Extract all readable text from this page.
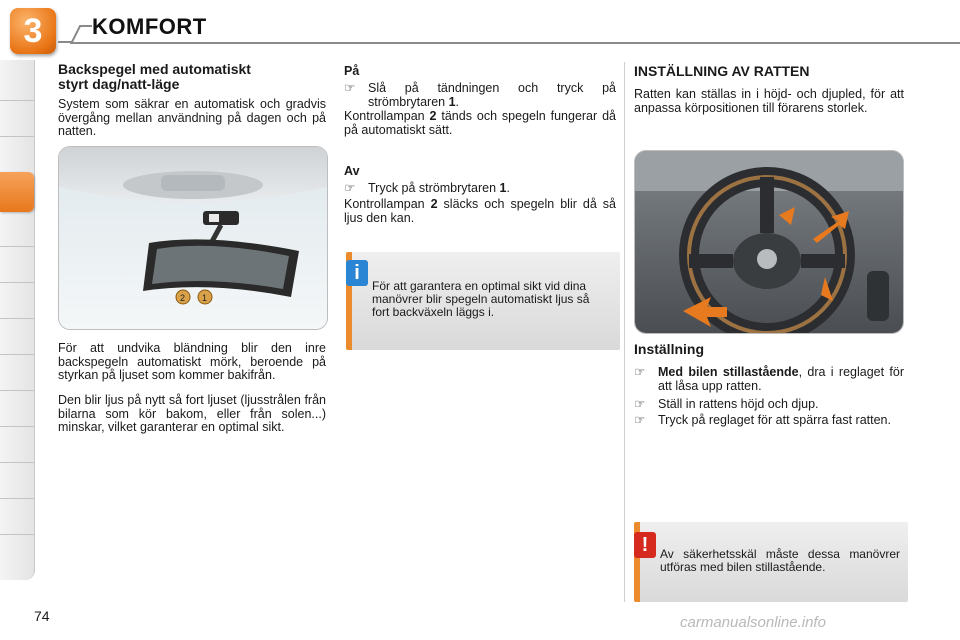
3	KOMFORT
Backspegel med automatiskt
styrt dag/natt-läge
System som säkrar en automatisk och gradvis övergång mellan användning på dagen och på natten.
2 1
För att undvika bländning blir den inre backspegeln automatiskt mörk, beroende på styrkan på ljuset som kommer bakifrån.
Den blir ljus på nytt så fort ljuset (ljusstrålen från bilarna som kör bakom, eller från solen...) minskar, vilket garanterar en optimal sikt.
På
☞ Slå på tändningen och tryck på strömbrytaren 1.
Kontrollampan 2 tänds och spegeln fungerar då på automatiskt sätt.
Av
☞ Tryck på strömbrytaren 1.
Kontrollampan 2 släcks och spegeln blir då så ljus den kan.
i
För att garantera en optimal sikt vid dina manövrer blir spegeln automatiskt ljus så fort backväxeln läggs i.
INSTÄLLNING AV RATTEN
Ratten kan ställas in i höjd- och djupled, för att anpassa körpositionen till förarens storlek.
Inställning
☞ Med bilen stillastående, dra i reglaget för att låsa upp ratten.
☞ Ställ in rattens höjd och djup.
☞ Tryck på reglaget för att spärra fast ratten.
! Av säkerhetsskäl måste dessa manövrer utföras med bilen stillastående.
74	carmanualsonline.info
